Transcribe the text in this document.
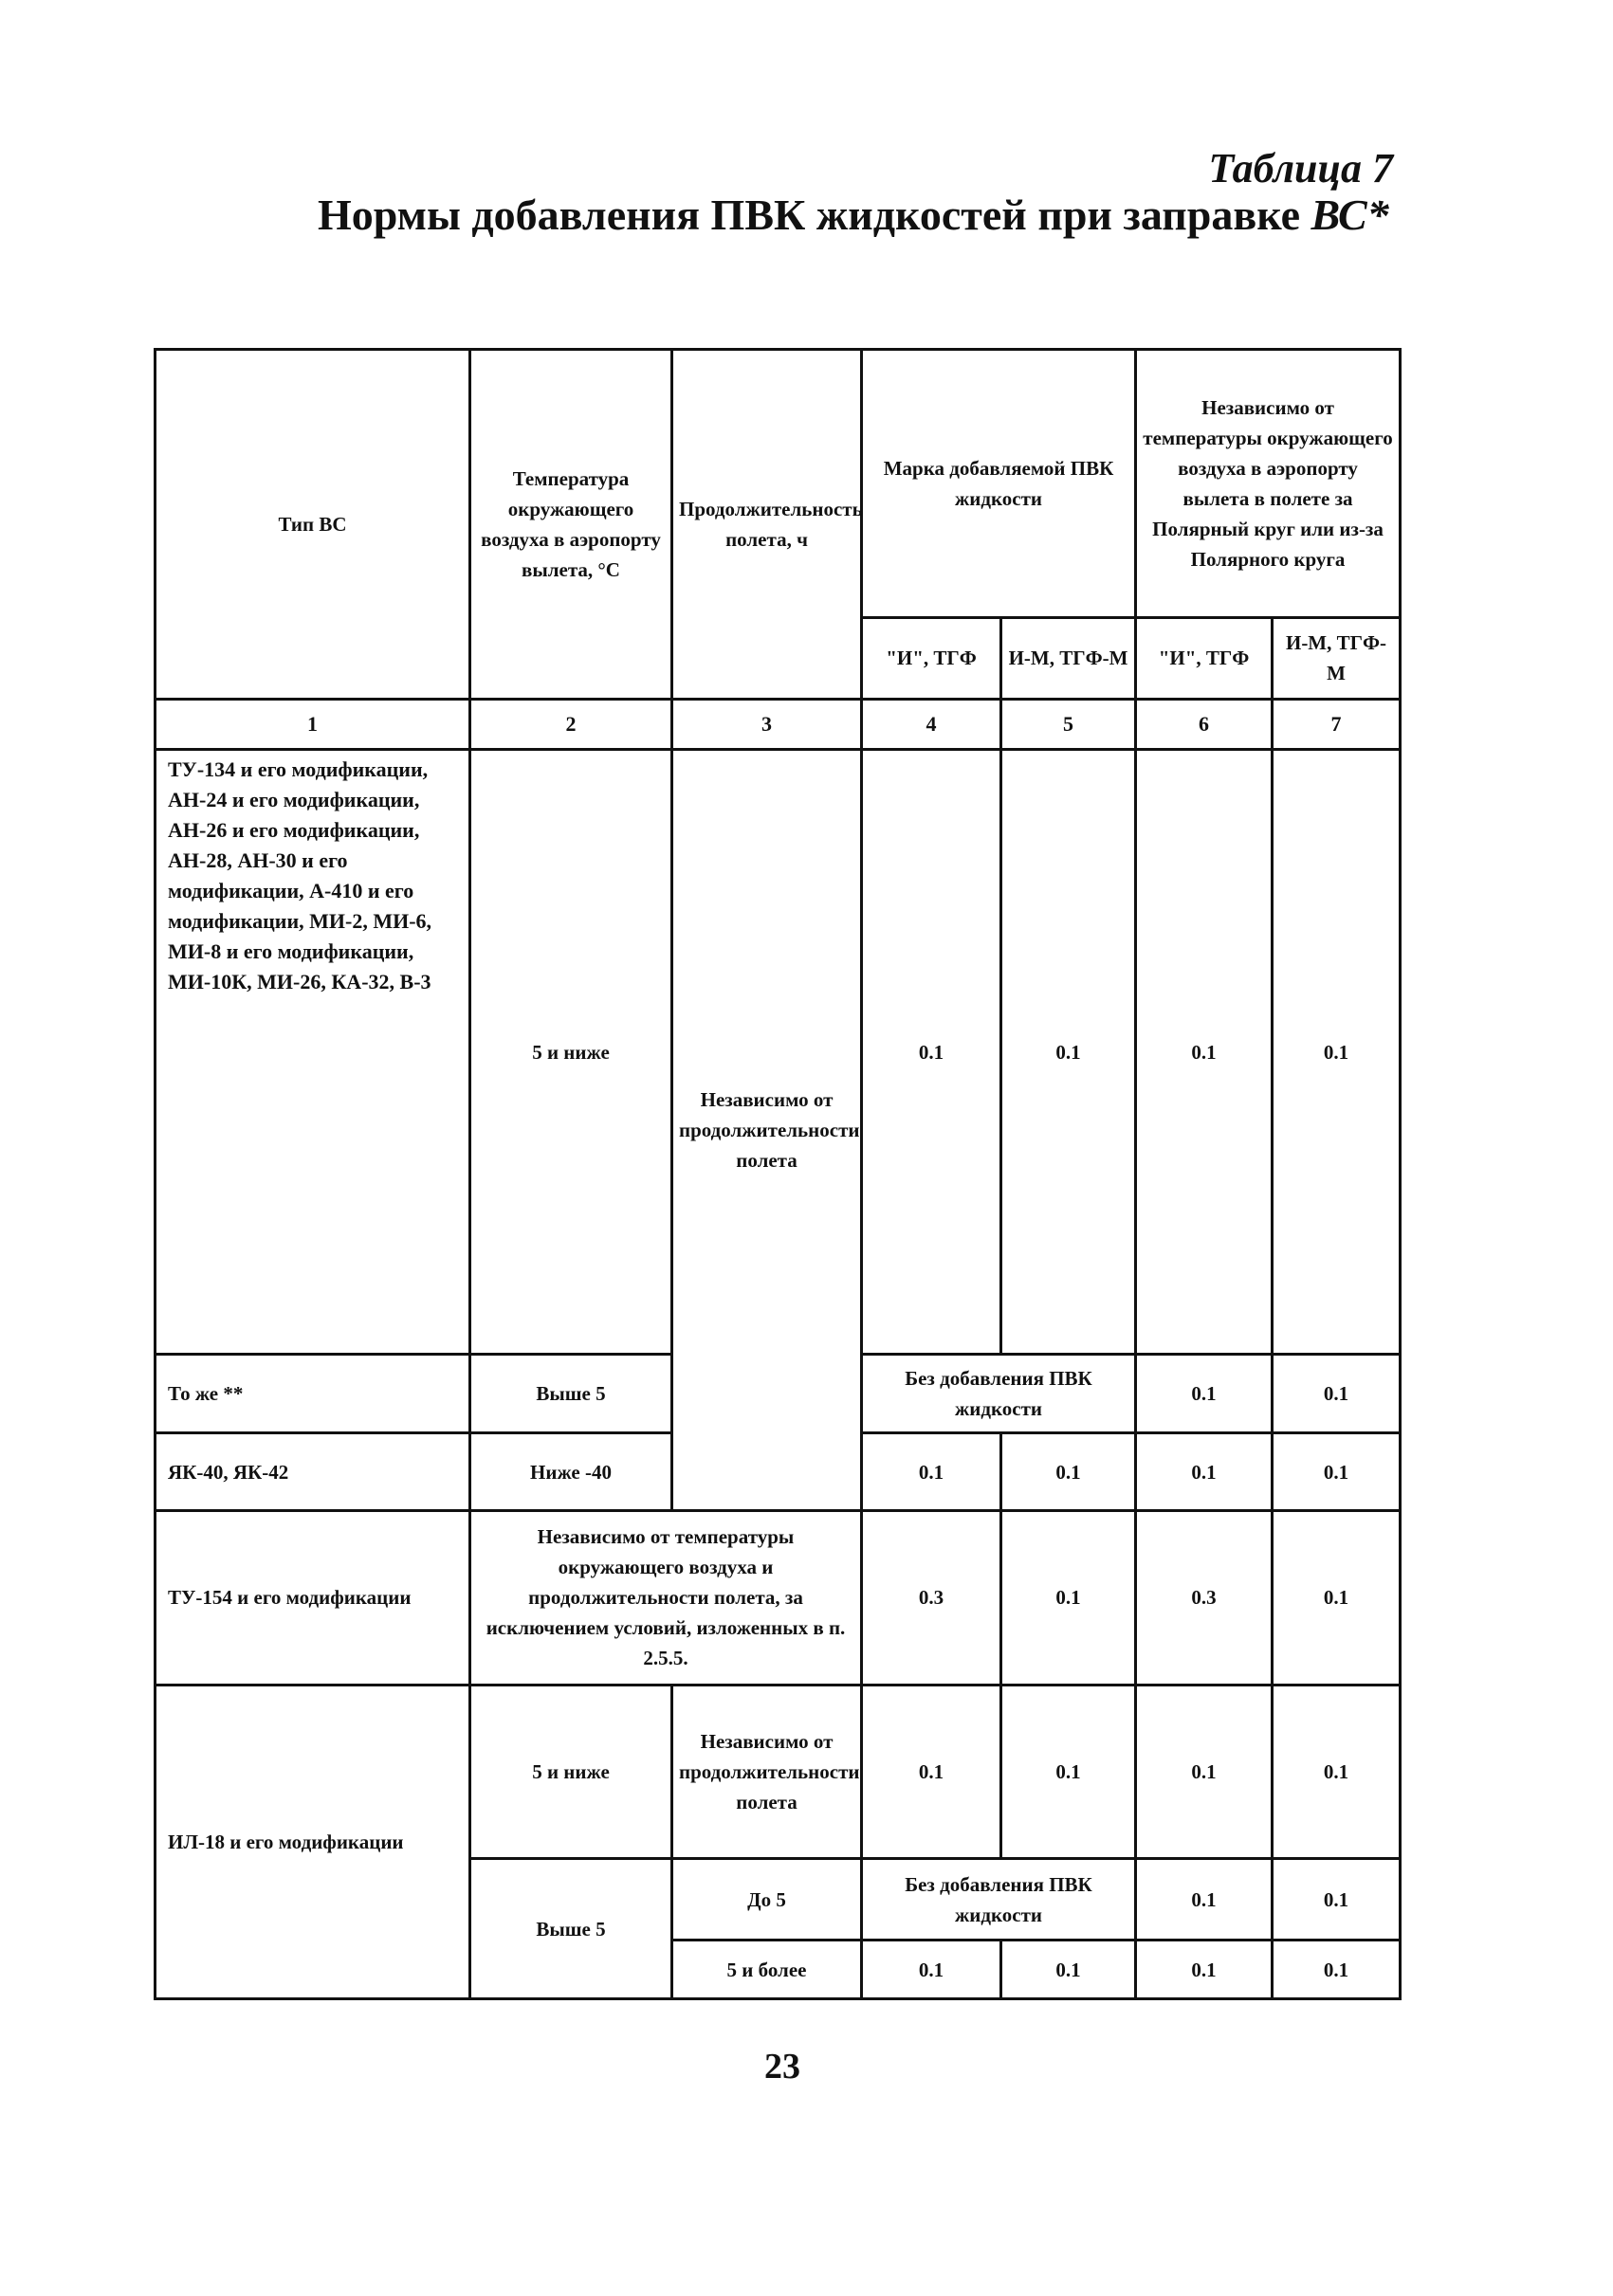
Таблица 7
Нормы добавления ПВК жидкостей при заправке ВС*
Тип ВС	Температура окружающего воздуха в аэропорту вылета, °С	Продолжительность полета, ч	Марка добавляемой ПВК жидкости		Независимо от температуры окружающего воздуха в аэропорту вылета в полете за Полярный круг или из-за Полярного круга	
			"И", ТГФ	И-М, ТГФ-М	"И", ТГФ	И-М, ТГФ-М
1	2	3	4	5	6	7
ТУ-134 и его модификации, АН-24 и его модификации, АН-26 и его модификации, АН-28, АН-30 и его модификации, А-410 и его модификации, МИ-2, МИ-6, МИ-8 и его модификации, МИ-10К, МИ-26, КА-32, В-3	5 и ниже	Независимо от продолжительности полета	0.1	0.1	0.1	0.1
То же **	Выше 5		Без добавления ПВК жидкости		0.1	0.1
ЯК-40, ЯК-42	Ниже -40		0.1	0.1	0.1	0.1
ТУ-154 и его модификации	Независимо от температуры окружающего воздуха и продолжительности полета, за исключением условий, изложенных в п. 2.5.5.		0.3	0.1	0.3	0.1
ИЛ-18 и его модификации	5 и ниже	Независимо от продолжительности полета	0.1	0.1	0.1	0.1
	Выше 5	До 5	Без добавления ПВК жидкости		0.1	0.1
		5 и более	0.1	0.1	0.1	0.1
23
